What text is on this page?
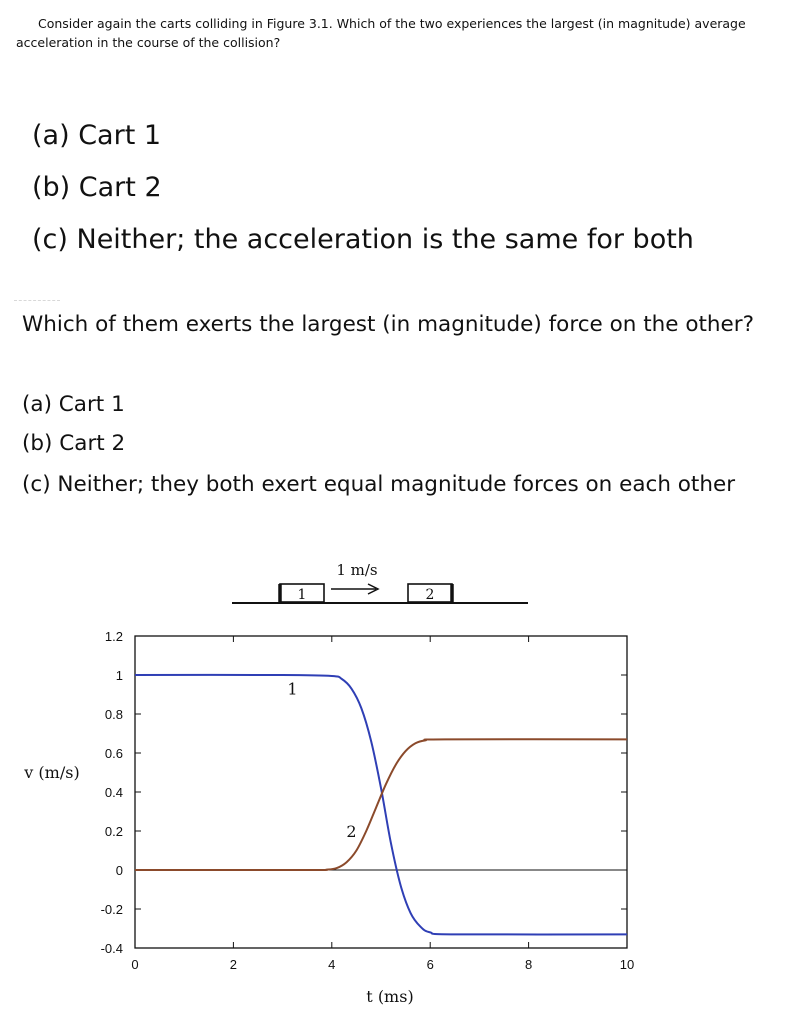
Consider again the carts colliding in Figure 3.1. Which of the two experiences the largest (in magnitude) average acceleration in the course of the collision?

(a) Cart 1

(b) Cart 2

(c) Neither; the acceleration is the same for both

Which of them exerts the largest (in magnitude) force on the other?

(a) Cart 1

(b) Cart 2

(c) Neither; they both exert equal magnitude forces on each other

1	2
1 m/s
0	2	4	6	8	10
1.2
1
0.8
0.6
0.4
0.2
0
-0.2
-0.4
1
2
t (ms)
v (m/s)
